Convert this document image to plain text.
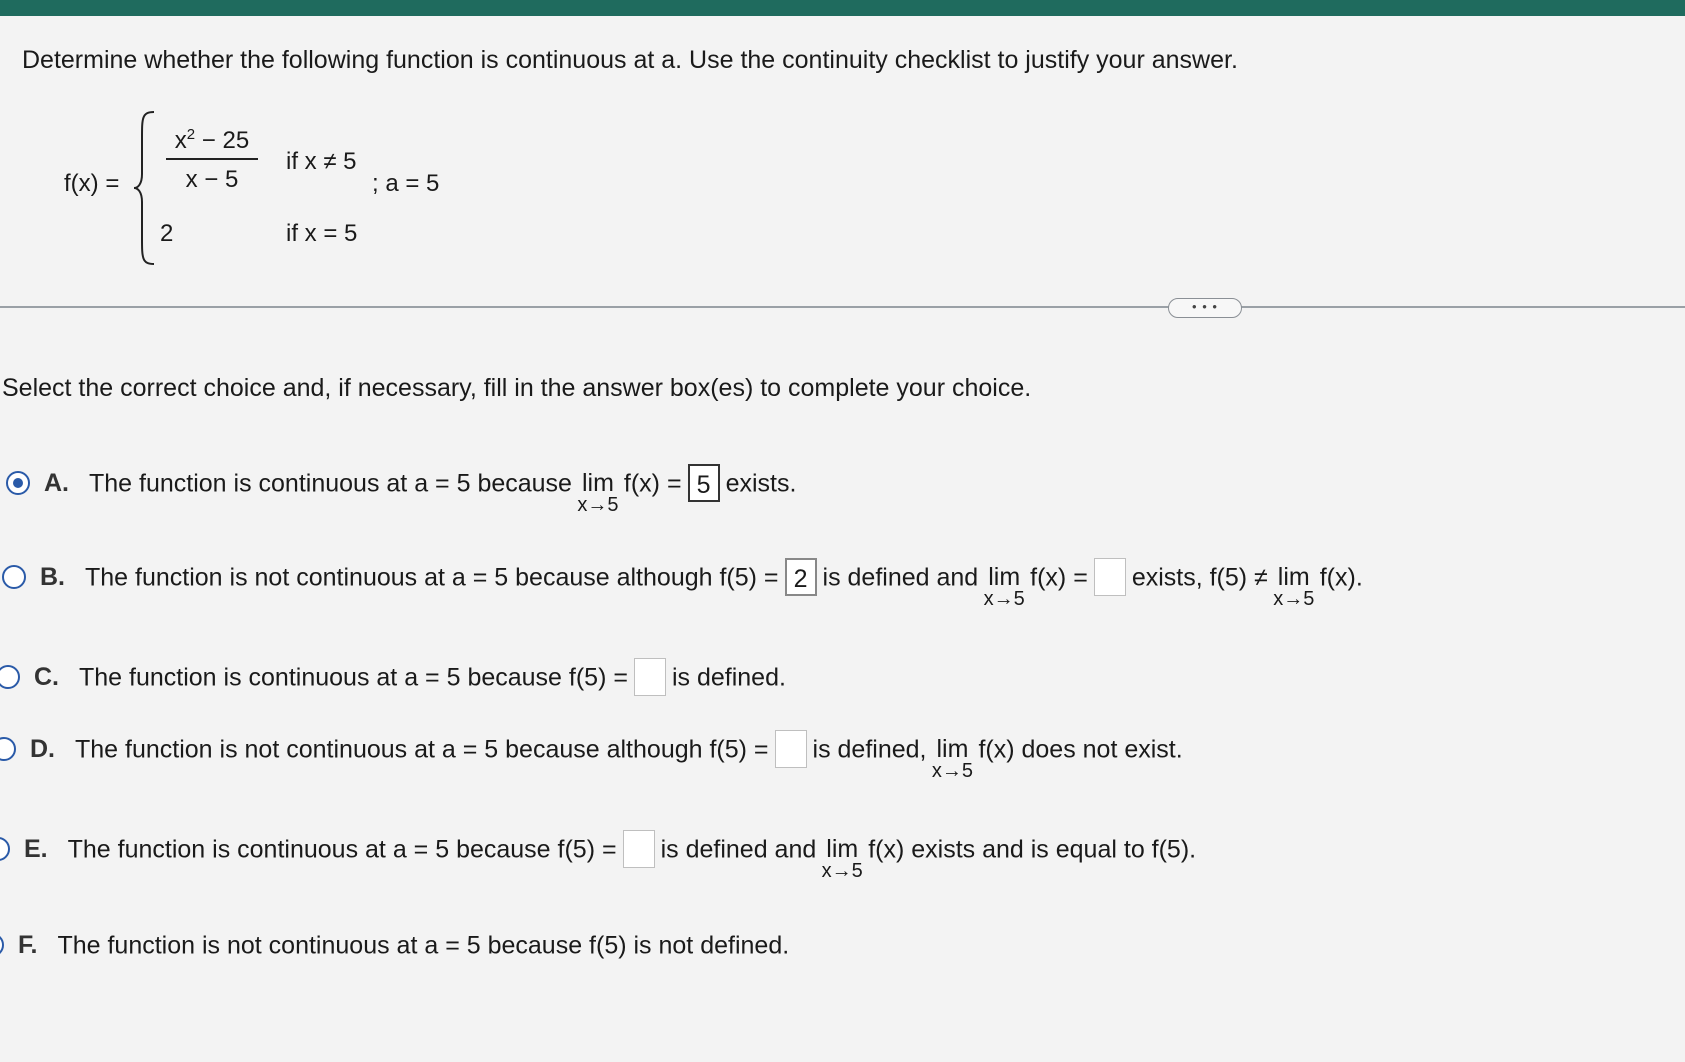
Determine whether the following function is continuous at a. Use the continuity checklist to justify your answer.
$f(x) = \frac{x^2 - 25}{x - 5}$ if x ≠ 5
2	if x = 5
; a = 5
• • •
Select the correct choice and, if necessary, fill in the answer box(es) to complete your choice.
A. The function is continuous at a = 5 because lim
x→5
f(x) = 5 exists.
B. The function is not continuous at a = 5 because although f(5) = 2 is defined and lim
x→5
f(x) = exists, f(5) ≠ lim
x→5
f(x).
C. The function is continuous at a = 5 because f(5) = is defined.
D. The function is not continuous at a = 5 because although f(5) = is defined, lim
x→5
f(x) does not exist.
E. The function is continuous at a = 5 because f(5) = is defined and lim
x→5
f(x) exists and is equal to f(5).
F. The function is not continuous at a = 5 because f(5) is not defined.
